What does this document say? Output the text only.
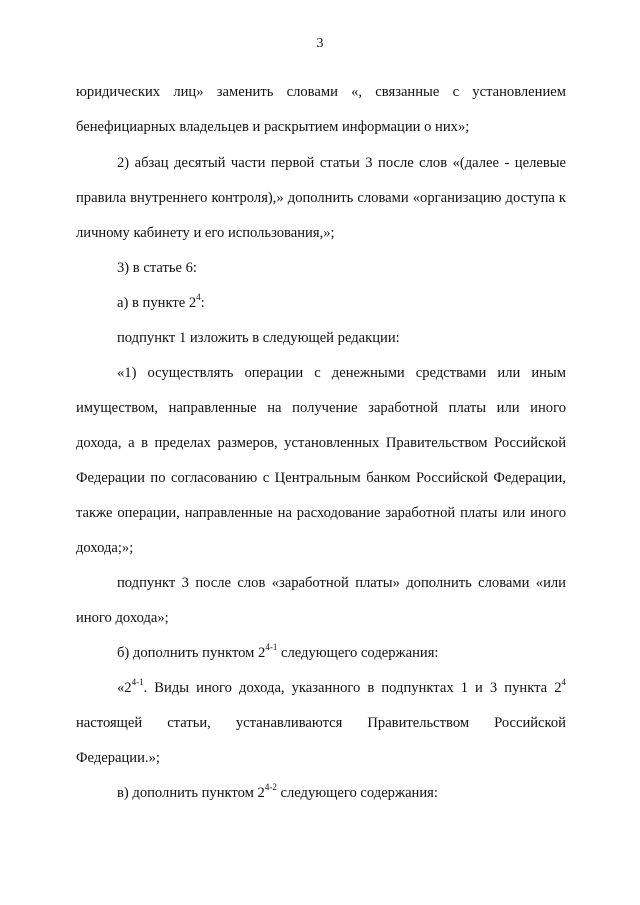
3

юридических лиц» заменить словами «, связанные с установлением бенефициарных владельцев и раскрытием информации о них»;

2) абзац десятый части первой статьи 3 после слов «(далее - целевые правила внутреннего контроля),» дополнить словами «организацию доступа к личному кабинету и его использования,»;

3) в статье 6:

а) в пункте $2^4$:

подпункт 1 изложить в следующей редакции:

«1) осуществлять операции с денежными средствами или иным имуществом, направленные на получение заработной платы или иного дохода, а в пределах размеров, установленных Правительством Российской Федерации по согласованию с Центральным банком Российской Федерации, также операции, направленные на расходование заработной платы или иного дохода;»;

подпункт 3 после слов «заработной платы» дополнить словами «или иного дохода»;

б) дополнить пунктом 2$^{4-1}$ следующего содержания:

«2$^{4-1}$. Виды иного дохода, указанного в подпунктах 1 и 3 пункта $2^4$ настоящей статьи, устанавливаются Правительством Российской Федерации.»;

в) дополнить пунктом 2$^{4-2}$ следующего содержания:
